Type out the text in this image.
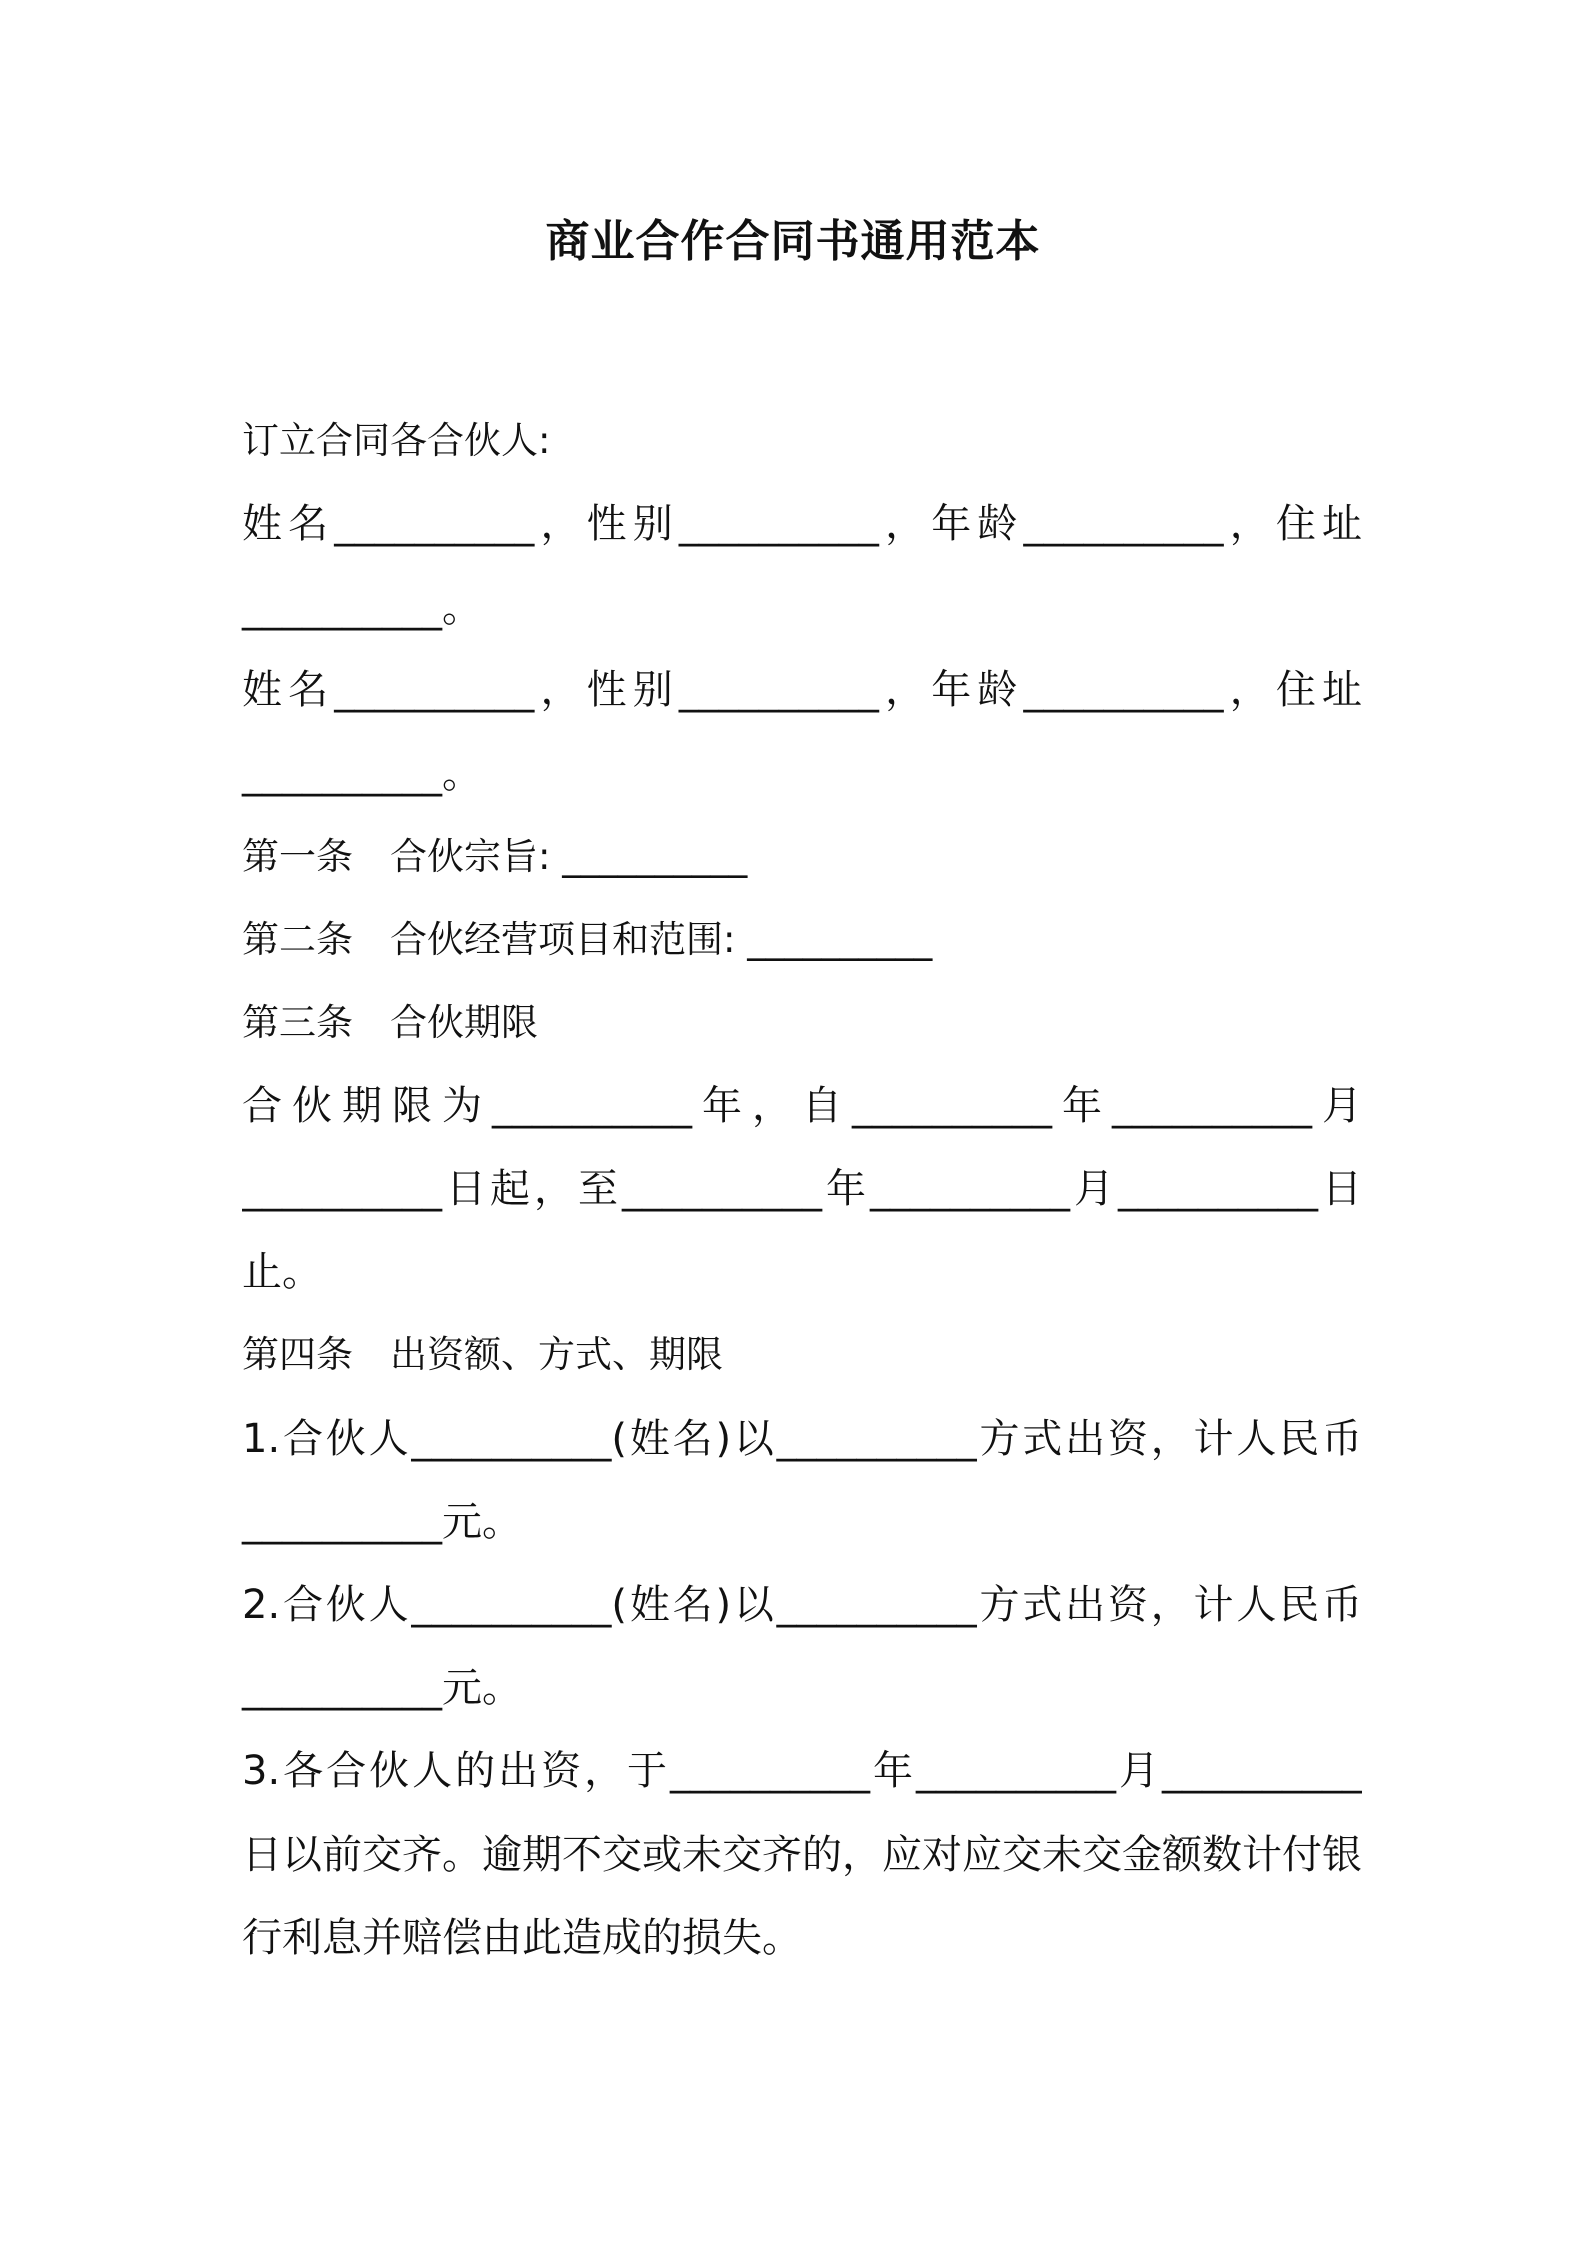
商业合作合同书通用范本
订立合同各合伙人:
姓名__________，性别__________，年龄__________，住址
__________。
姓名__________，性别__________，年龄__________，住址
__________。
第一条　合伙宗旨: __________
第二条　合伙经营项目和范围: __________
第三条　合伙期限
合伙期限为__________年，自__________年__________月
__________日起，至__________年__________月__________日
止。
第四条　出资额、方式、期限
1.合伙人__________(姓名)以__________方式出资，计人民币
__________元。
2.合伙人__________(姓名)以__________方式出资，计人民币
__________元。
3.各合伙人的出资，于__________年__________月__________
日以前交齐。逾期不交或未交齐的，应对应交未交金额数计付银
行利息并赔偿由此造成的损失。
